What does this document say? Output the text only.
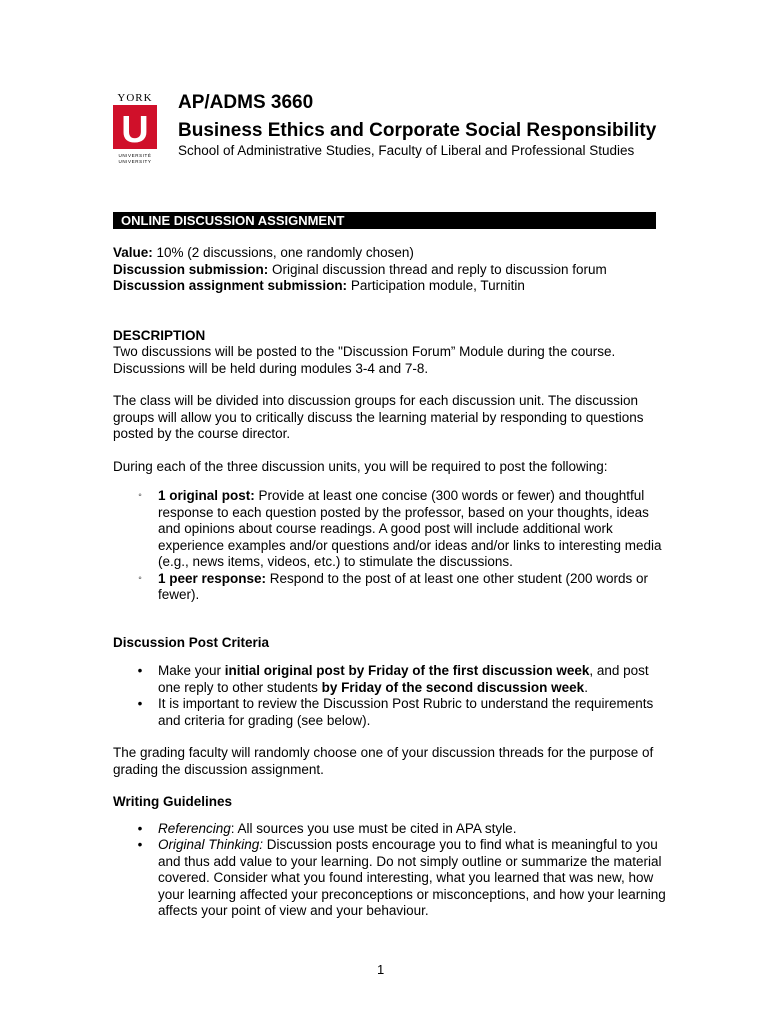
YORK
U
UNIVERSITÉ
UNIVERSITY
AP/ADMS 3660
Business Ethics and Corporate Social Responsibility
School of Administrative Studies, Faculty of Liberal and Professional Studies
ONLINE DISCUSSION ASSIGNMENT

Value: 10% (2 discussions, one randomly chosen)

Discussion submission: Original discussion thread and reply to discussion forum

Discussion assignment submission: Participation module, Turnitin

DESCRIPTION

Two discussions will be posted to the "Discussion Forum” Module during the course. Discussions will be held during modules 3-4 and 7-8.

The class will be divided into discussion groups for each discussion unit. The discussion groups will allow you to critically discuss the learning material by responding to questions posted by the course director.

During each of the three discussion units, you will be required to post the following:

◦	1 original post: Provide at least one concise (300 words or fewer) and thoughtful response to each question posted by the professor, based on your thoughts, ideas and opinions about course readings. A good post will include additional work experience examples and/or questions and/or ideas and/or links to interesting media (e.g., news items, videos, etc.) to stimulate the discussions.
◦	1 peer response: Respond to the post of at least one other student (200 words or fewer).

Discussion Post Criteria

•	Make your initial original post by Friday of the first discussion week, and post one reply to other students by Friday of the second discussion week.
•	It is important to review the Discussion Post Rubric to understand the requirements and criteria for grading (see below).

The grading faculty will randomly choose one of your discussion threads for the purpose of grading the discussion assignment.

Writing Guidelines

•	Referencing: All sources you use must be cited in APA style.
•	Original Thinking: Discussion posts encourage you to find what is meaningful to you and thus add value to your learning. Do not simply outline or summarize the material covered. Consider what you found interesting, what you learned that was new, how your learning affected your preconceptions or misconceptions, and how your learning affects your point of view and your behaviour.
1
